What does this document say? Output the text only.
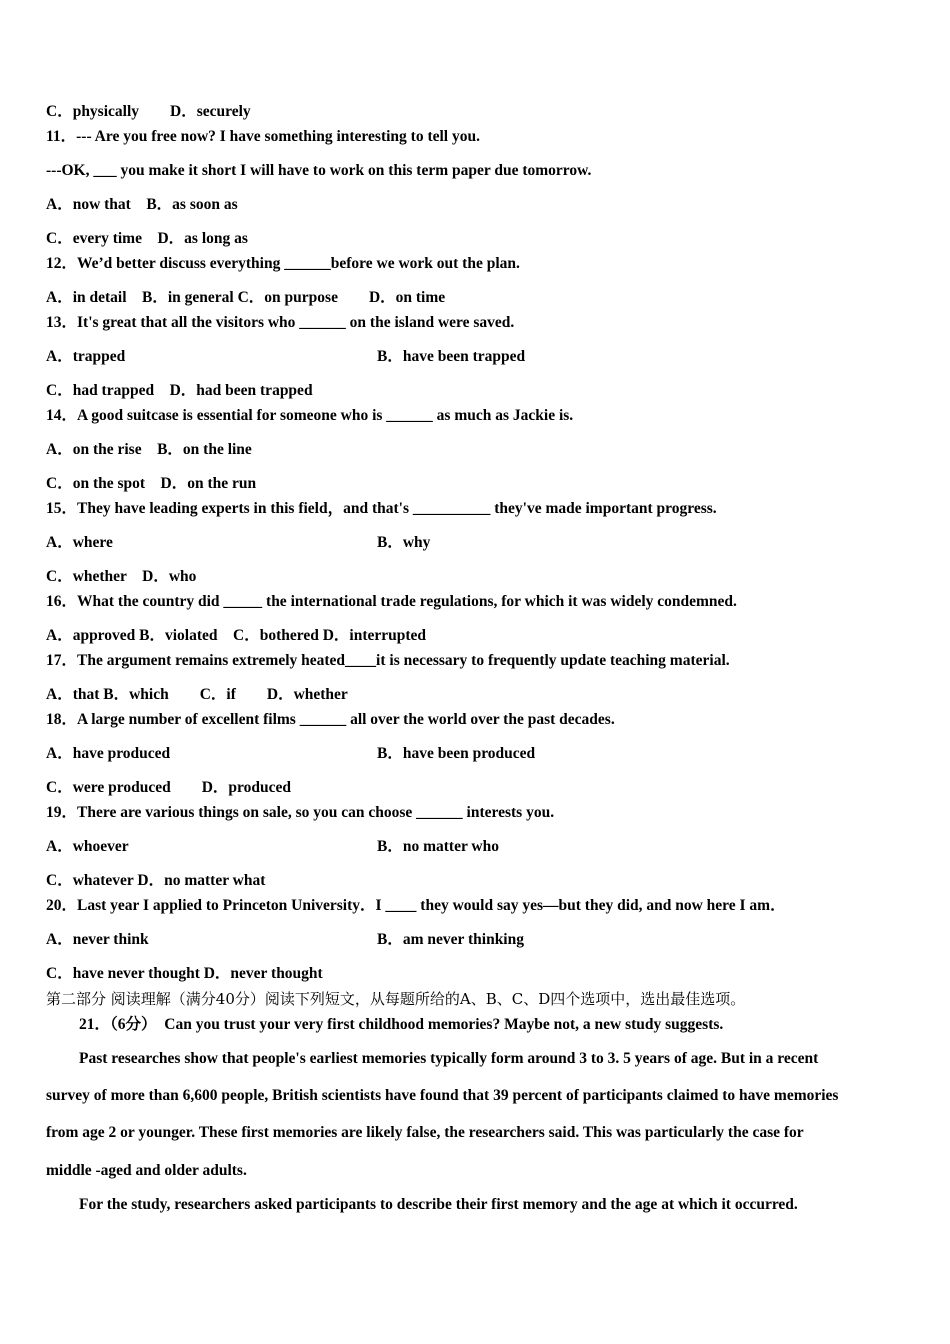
C．physically　　D．securely
11．--- Are you free now? I have something interesting to tell you.
---OK, ___ you make it short I will have to work on this term paper due tomorrow.
A．now that　B．as soon as
C．every time　D．as long as
12．We’d better discuss everything ______before we work out the plan.
A．in detail　B．in general C．on purpose　　D．on time
13．It's great that all the visitors who ______ on the island were saved.
A．trapped	B．have been trapped
C．had trapped　D．had been trapped
14．A good suitcase is essential for someone who is ______ as much as Jackie is.
A．on the rise　B．on the line
C．on the spot　D．on the run
15．They have leading experts in this field，and that's __________ they've made important progress.
A．where	B．why
C．whether　D．who
16．What the country did _____ the international trade regulations, for which it was widely condemned.
A．approved B．violated　C．bothered D．interrupted
17．The argument remains extremely heated____it is necessary to frequently update teaching material.
A．that B．which　　C．if　　D．whether
18．A large number of excellent films ______ all over the world over the past decades.
A．have produced	B．have been produced
C．were produced　　D．produced
19．There are various things on sale, so you can choose ______ interests you.
A．whoever	B．no matter who
C．whatever D．no matter what
20．Last year I applied to Princeton University．I ____ they would say yes—but they did, and now here I am．
A．never think	B．am never thinking
C．have never thought D．never thought
第二部分 阅读理解（满分40分）阅读下列短文，从每题所给的A、B、C、D四个选项中，选出最佳选项。
21．（6分）　Can you trust your very first childhood memories? Maybe not, a new study suggests.
Past researches show that people's earliest memories typically form around 3 to 3. 5 years of age. But in a recent
survey of more than 6,600 people, British scientists have found that 39 percent of participants claimed to have memories
from age 2 or younger. These first memories are likely false, the researchers said. This was particularly the case for
middle -aged and older adults.
For the study, researchers asked participants to describe their first memory and the age at which it occurred.
